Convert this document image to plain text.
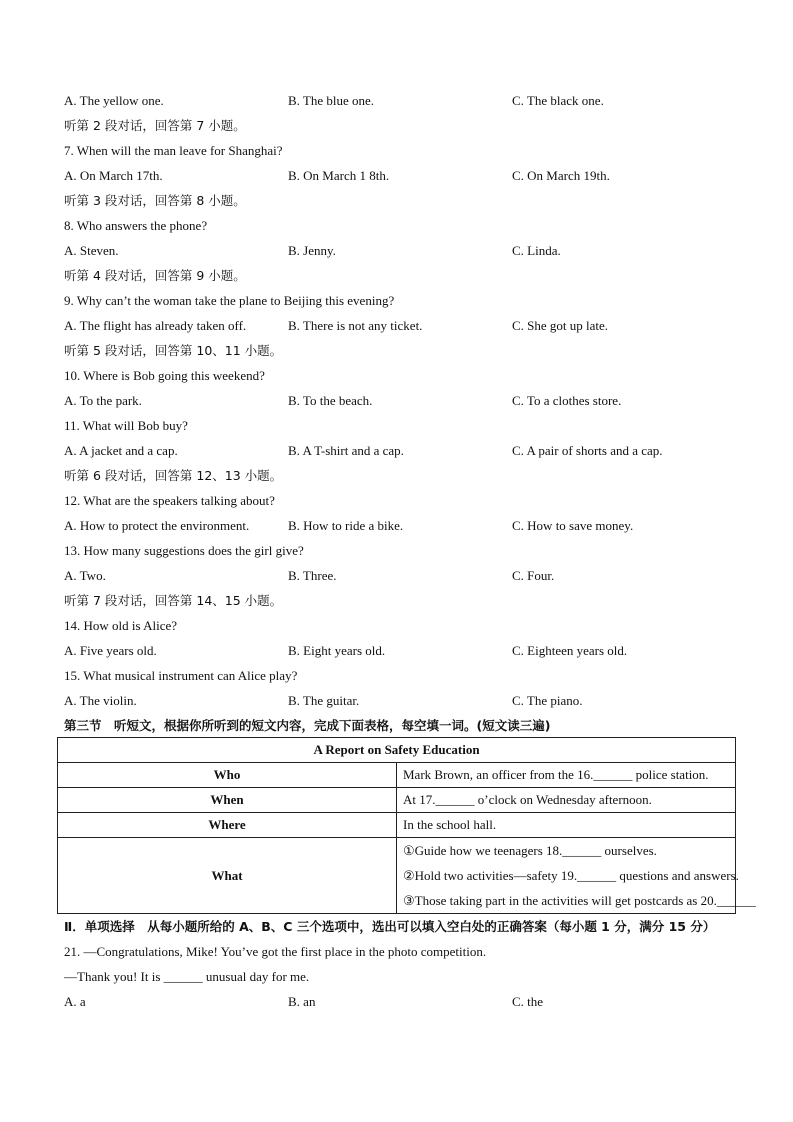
A. The yellow one.	B. The blue one.	C. The black one.
听第 2 段对话，回答第 7 小题。
7. When will the man leave for Shanghai?
A. On March 17th.	B. On March 1 8th.	C. On March 19th.
听第 3 段对话，回答第 8 小题。
8. Who answers the phone?
A. Steven.	B. Jenny.	C. Linda.
听第 4 段对话，回答第 9 小题。
9. Why can’t the woman take the plane to Beijing this evening?
A. The flight has already taken off.	B. There is not any ticket.	C. She got up late.
听第 5 段对话，回答第 10、11 小题。
10. Where is Bob going this weekend?
A. To the park.	B. To the beach.	C. To a clothes store.
11. What will Bob buy?
A. A jacket and a cap.	B. A T-shirt and a cap.	C. A pair of shorts and a cap.
听第 6 段对话，回答第 12、13 小题。
12. What are the speakers talking about?
A. How to protect the environment.	B. How to ride a bike.	C. How to save money.
13. How many suggestions does the girl give?
A. Two.	B. Three.	C. Four.
听第 7 段对话，回答第 14、15 小题。
14. How old is Alice?
A. Five years old.	B. Eight years old.	C. Eighteen years old.
15. What musical instrument can Alice play?
A. The violin.	B. The guitar.	C. The piano.
第三节　听短文，根据你所听到的短文内容，完成下面表格，每空填一词。(短文读三遍)
A Report on Safety Education	
Who	Mark Brown, an officer from the 16.______ police station.
When	At 17.______ o’clock on Wednesday afternoon.
Where	In the school hall.
What	①Guide how we teenagers 18.______ ourselves.
②Hold two activities—safety 19.______ questions and answers.
③Those taking part in the activities will get postcards as 20.______
Ⅱ．单项选择　从每小题所给的 A、B、C 三个选项中，选出可以填入空白处的正确答案（每小题 1 分，满分 15 分）
21. —Congratulations, Mike! You’ve got the first place in the photo competition.
—Thank you! It is ______ unusual day for me.
A. a	B. an	C. the
